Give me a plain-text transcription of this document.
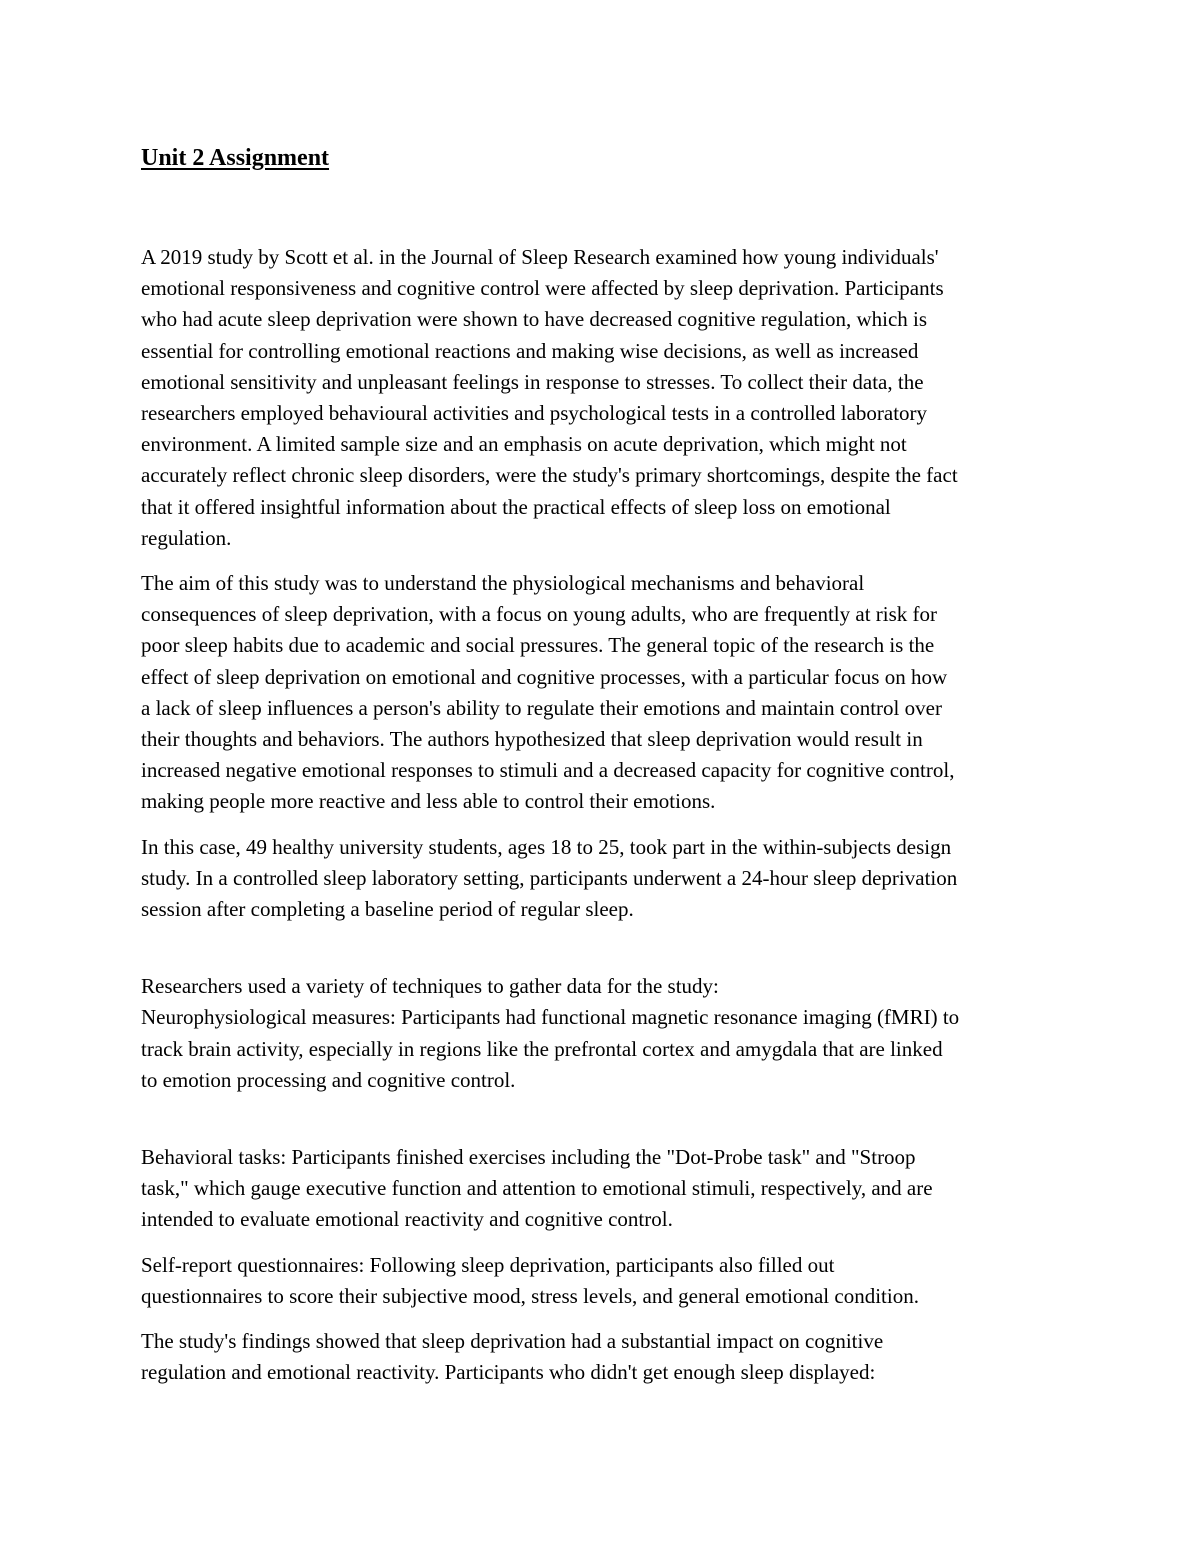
Unit 2 Assignment

A 2019 study by Scott et al. in the Journal of Sleep Research examined how young individuals'
emotional responsiveness and cognitive control were affected by sleep deprivation. Participants
who had acute sleep deprivation were shown to have decreased cognitive regulation, which is
essential for controlling emotional reactions and making wise decisions, as well as increased
emotional sensitivity and unpleasant feelings in response to stresses. To collect their data, the
researchers employed behavioural activities and psychological tests in a controlled laboratory
environment. A limited sample size and an emphasis on acute deprivation, which might not
accurately reflect chronic sleep disorders, were the study's primary shortcomings, despite the fact
that it offered insightful information about the practical effects of sleep loss on emotional
regulation.

The aim of this study was to understand the physiological mechanisms and behavioral
consequences of sleep deprivation, with a focus on young adults, who are frequently at risk for
poor sleep habits due to academic and social pressures. The general topic of the research is the
effect of sleep deprivation on emotional and cognitive processes, with a particular focus on how
a lack of sleep influences a person's ability to regulate their emotions and maintain control over
their thoughts and behaviors. The authors hypothesized that sleep deprivation would result in
increased negative emotional responses to stimuli and a decreased capacity for cognitive control,
making people more reactive and less able to control their emotions.

In this case, 49 healthy university students, ages 18 to 25, took part in the within-subjects design
study. In a controlled sleep laboratory setting, participants underwent a 24-hour sleep deprivation
session after completing a baseline period of regular sleep.

Researchers used a variety of techniques to gather data for the study:
Neurophysiological measures: Participants had functional magnetic resonance imaging (fMRI) to
track brain activity, especially in regions like the prefrontal cortex and amygdala that are linked
to emotion processing and cognitive control.

Behavioral tasks: Participants finished exercises including the "Dot-Probe task" and "Stroop
task," which gauge executive function and attention to emotional stimuli, respectively, and are
intended to evaluate emotional reactivity and cognitive control.

Self-report questionnaires: Following sleep deprivation, participants also filled out
questionnaires to score their subjective mood, stress levels, and general emotional condition.

The study's findings showed that sleep deprivation had a substantial impact on cognitive
regulation and emotional reactivity. Participants who didn't get enough sleep displayed:
